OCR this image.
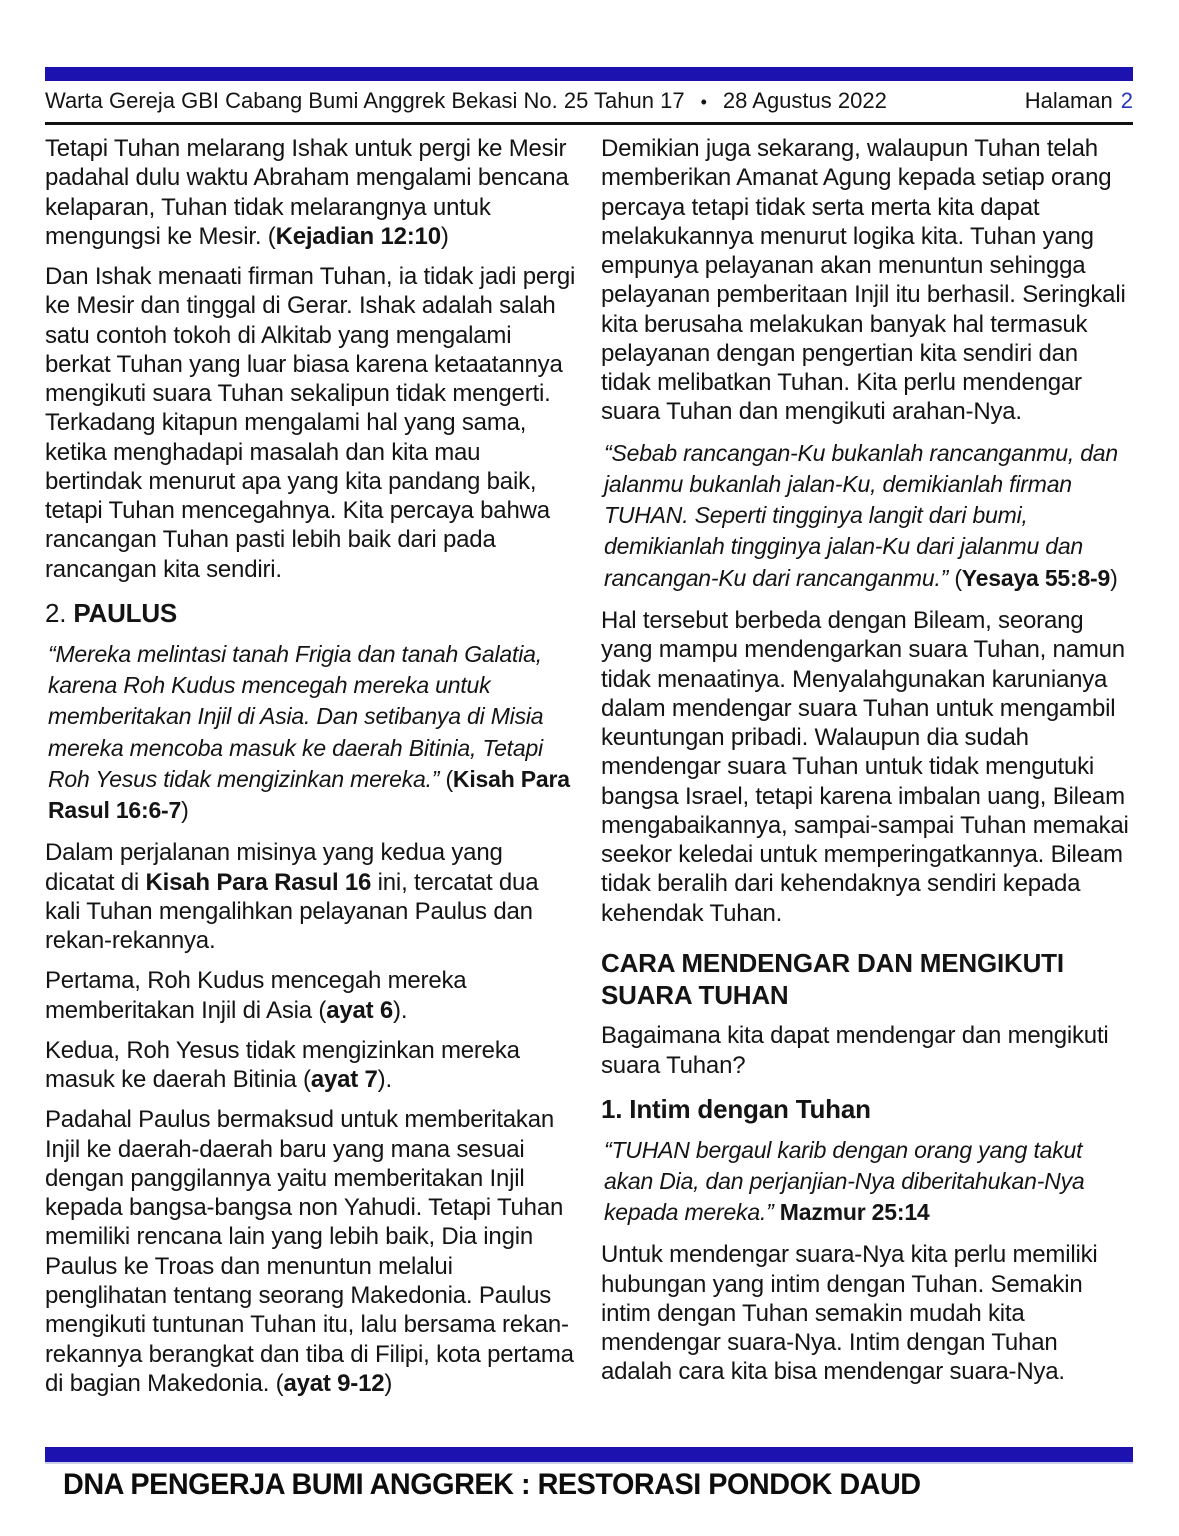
Warta Gereja GBI Cabang Bumi Anggrek Bekasi No. 25 Tahun 17 • 28 Agustus 2022	Halaman 2

Tetapi Tuhan melarang Ishak untuk pergi ke Mesir padahal dulu waktu Abraham mengalami bencana kelaparan, Tuhan tidak melarangnya untuk mengungsi ke Mesir. (Kejadian 12:10)

Dan Ishak menaati firman Tuhan, ia tidak jadi pergi ke Mesir dan tinggal di Gerar. Ishak adalah salah satu contoh tokoh di Alkitab yang mengalami berkat Tuhan yang luar biasa karena ketaatannya mengikuti suara Tuhan sekalipun tidak mengerti. Terkadang kitapun mengalami hal yang sama, ketika menghadapi masalah dan kita mau bertindak menurut apa yang kita pandang baik, tetapi Tuhan mencegahnya. Kita percaya bahwa rancangan Tuhan pasti lebih baik dari pada rancangan kita sendiri.

2. PAULUS
“Mereka melintasi tanah Frigia dan tanah Galatia, karena Roh Kudus mencegah mereka untuk memberitakan Injil di Asia. Dan setibanya di Misia mereka mencoba masuk ke daerah Bitinia, Tetapi Roh Yesus tidak mengizinkan mereka.” (Kisah Para Rasul 16:6-7)

Dalam perjalanan misinya yang kedua yang dicatat di Kisah Para Rasul 16 ini, tercatat dua kali Tuhan mengalihkan pelayanan Paulus dan rekan-rekannya.

Pertama, Roh Kudus mencegah mereka memberitakan Injil di Asia (ayat 6).

Kedua, Roh Yesus tidak mengizinkan mereka masuk ke daerah Bitinia (ayat 7).

Padahal Paulus bermaksud untuk memberitakan Injil ke daerah-daerah baru yang mana sesuai dengan panggilannya yaitu memberitakan Injil kepada bangsa-bangsa non Yahudi. Tetapi Tuhan memiliki rencana lain yang lebih baik, Dia ingin Paulus ke Troas dan menuntun melalui penglihatan tentang seorang Makedonia. Paulus mengikuti tuntunan Tuhan itu, lalu bersama rekan-rekannya berangkat dan tiba di Filipi, kota pertama di bagian Makedonia. (ayat 9-12)

Demikian juga sekarang, walaupun Tuhan telah memberikan Amanat Agung kepada setiap orang percaya tetapi tidak serta merta kita dapat melakukannya menurut logika kita. Tuhan yang empunya pelayanan akan menuntun sehingga pelayanan pemberitaan Injil itu berhasil. Seringkali kita berusaha melakukan banyak hal termasuk pelayanan dengan pengertian kita sendiri dan tidak melibatkan Tuhan. Kita perlu mendengar suara Tuhan dan mengikuti arahan-Nya.

“Sebab rancangan-Ku bukanlah rancanganmu, dan jalanmu bukanlah jalan-Ku, demikianlah firman TUHAN. Seperti tingginya langit dari bumi, demikianlah tingginya jalan-Ku dari jalanmu dan rancangan-Ku dari rancanganmu.” (Yesaya 55:8-9)

Hal tersebut berbeda dengan Bileam, seorang yang mampu mendengarkan suara Tuhan, namun tidak menaatinya. Menyalahgunakan karunianya dalam mendengar suara Tuhan untuk mengambil keuntungan pribadi. Walaupun dia sudah mendengar suara Tuhan untuk tidak mengutuki bangsa Israel, tetapi karena imbalan uang, Bileam mengabaikannya, sampai-sampai Tuhan memakai seekor keledai untuk memperingatkannya. Bileam tidak beralih dari kehendaknya sendiri kepada kehendak Tuhan.

CARA MENDENGAR DAN MENGIKUTI SUARA TUHAN

Bagaimana kita dapat mendengar dan mengikuti suara Tuhan?

1. Intim dengan Tuhan
“TUHAN bergaul karib dengan orang yang takut akan Dia, dan perjanjian-Nya diberitahukan-Nya kepada mereka.” Mazmur 25:14

Untuk mendengar suara-Nya kita perlu memiliki hubungan yang intim dengan Tuhan. Semakin intim dengan Tuhan semakin mudah kita mendengar suara-Nya. Intim dengan Tuhan adalah cara kita bisa mendengar suara-Nya.

DNA PENGERJA BUMI ANGGREK : RESTORASI PONDOK DAUD
